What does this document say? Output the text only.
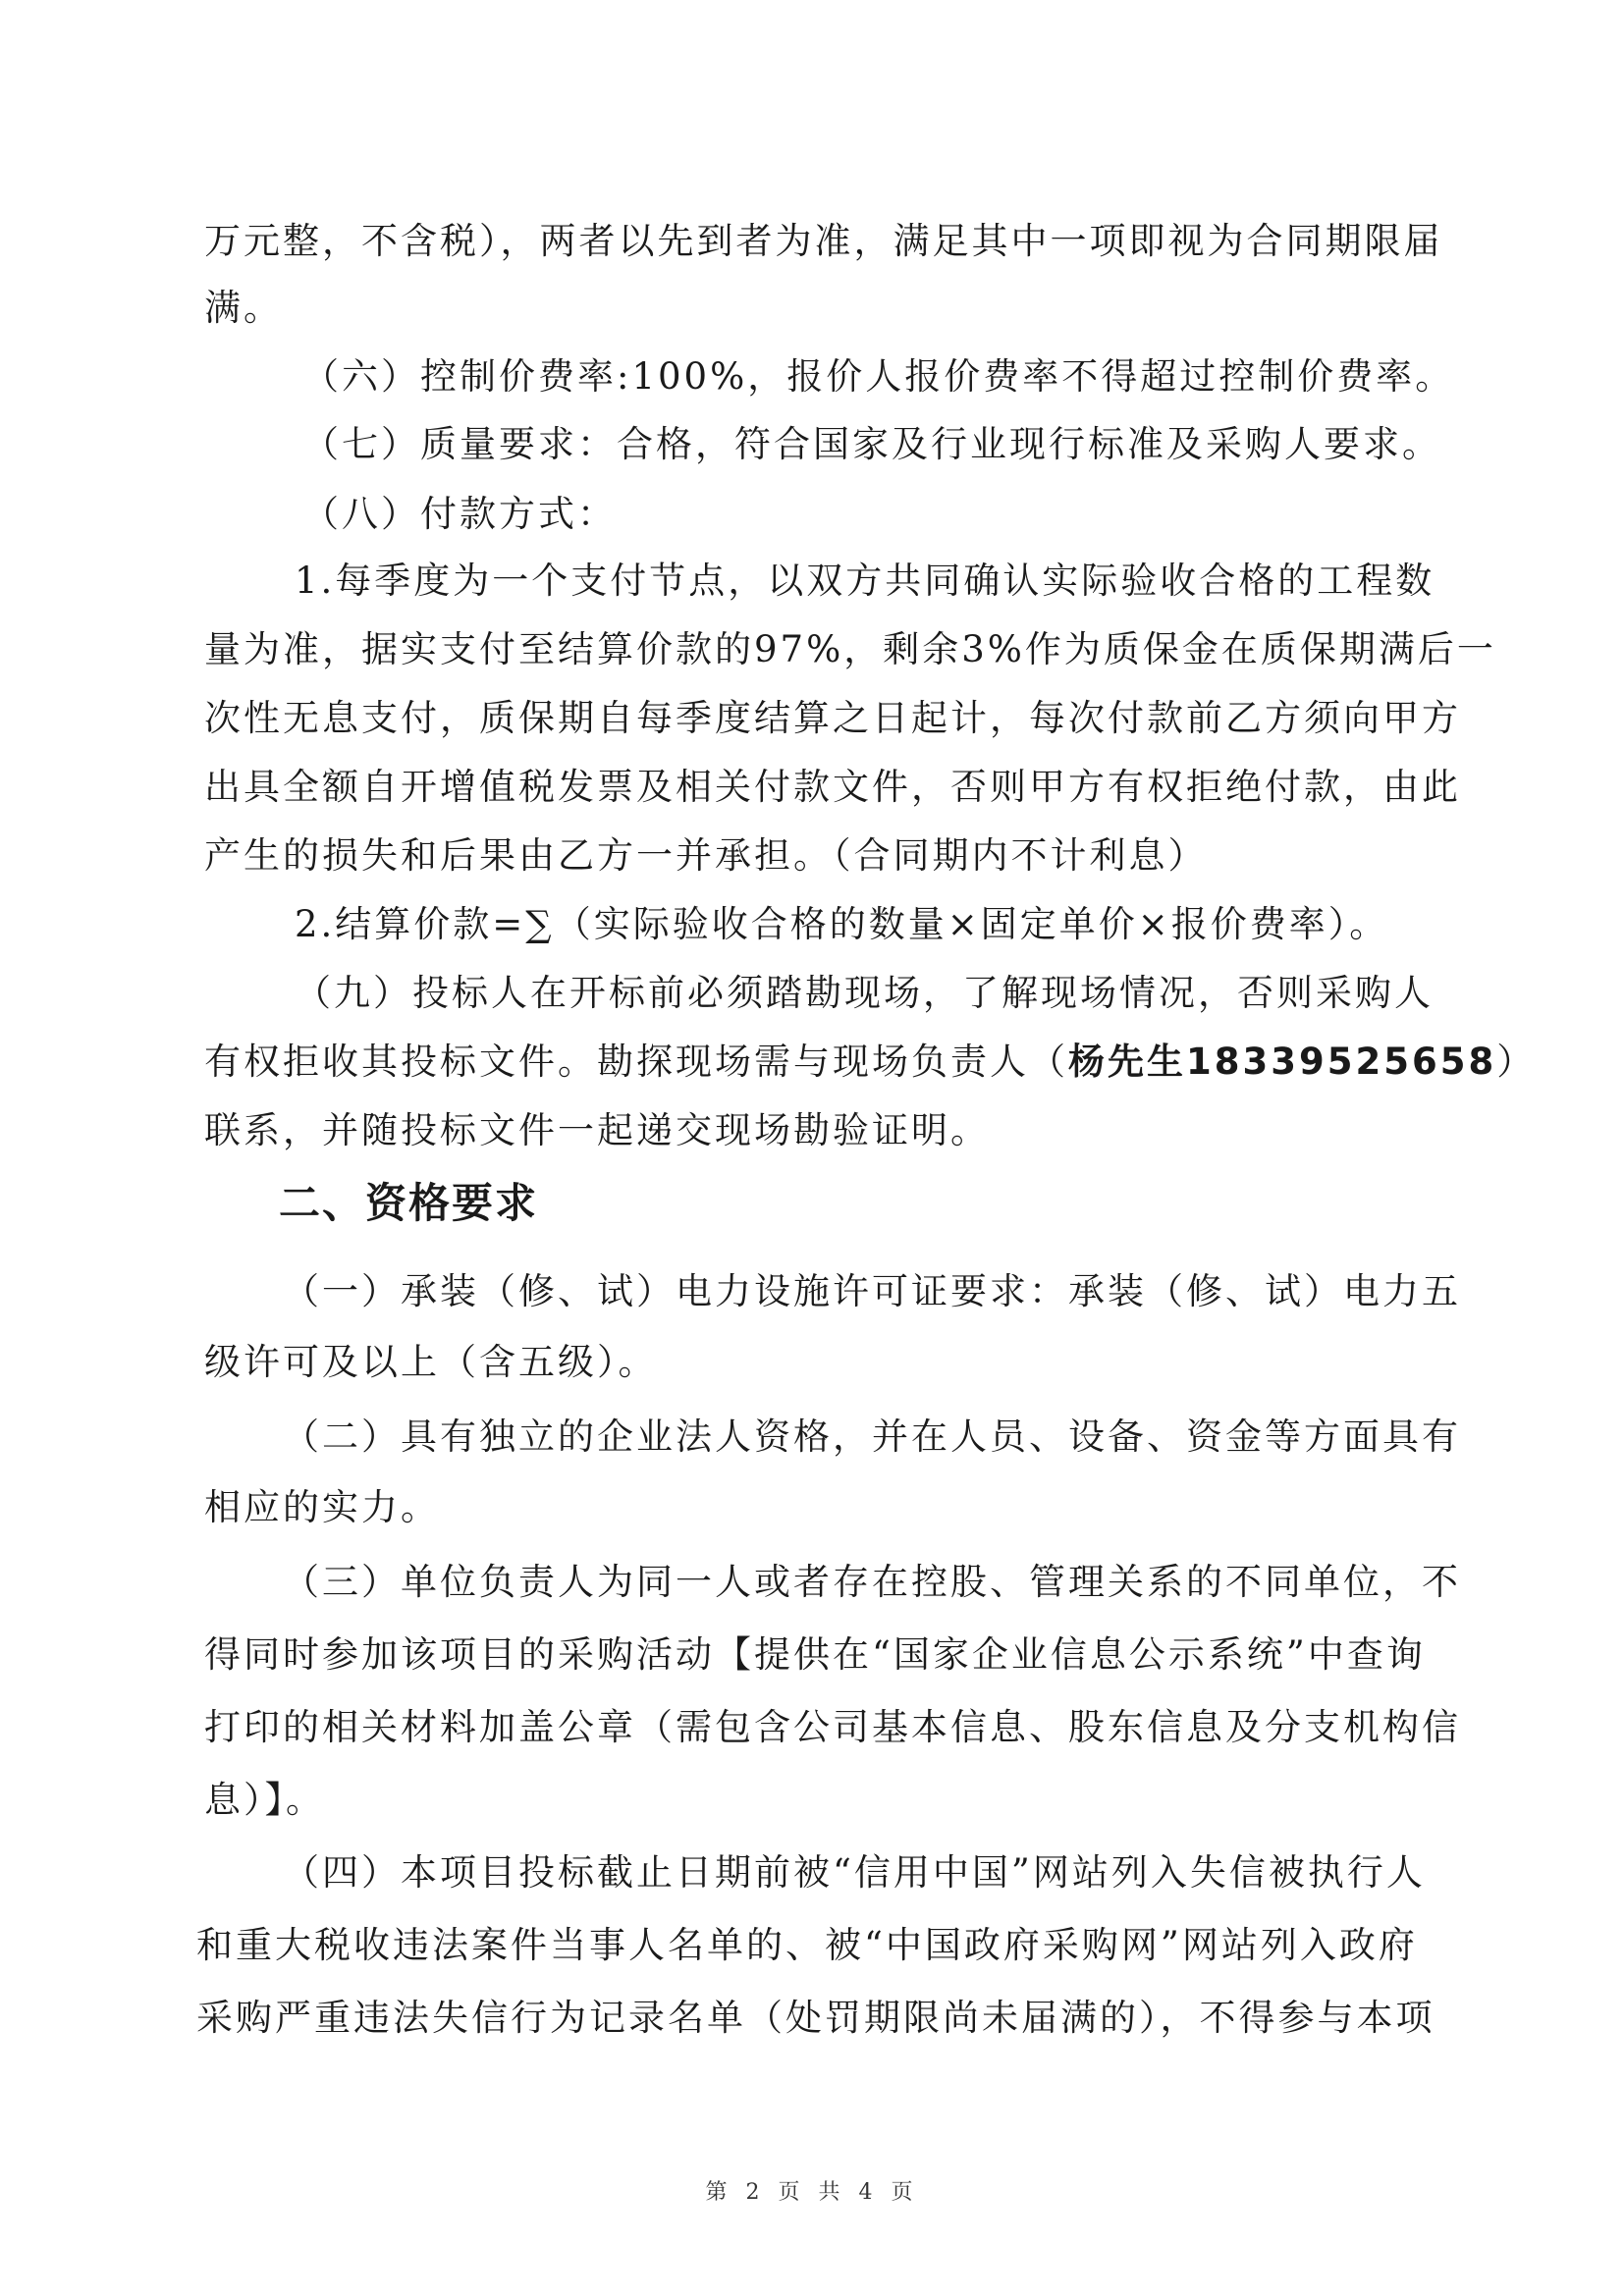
万元整，不含税），两者以先到者为准，满足其中一项即视为合同期限届
满。
（六）控制价费率:100%，报价人报价费率不得超过控制价费率。
（七）质量要求：合格，符合国家及行业现行标准及采购人要求。
（八）付款方式：
1.每季度为一个支付节点，以双方共同确认实际验收合格的工程数
量为准，据实支付至结算价款的97%，剩余3%作为质保金在质保期满后一
次性无息支付，质保期自每季度结算之日起计，每次付款前乙方须向甲方
出具全额自开增值税发票及相关付款文件，否则甲方有权拒绝付款，由此
产生的损失和后果由乙方一并承担。（合同期内不计利息）
2.结算价款=∑（实际验收合格的数量×固定单价×报价费率）。
（九）投标人在开标前必须踏勘现场，了解现场情况，否则采购人
有权拒收其投标文件。勘探现场需与现场负责人（杨先生18339525658）
联系，并随投标文件一起递交现场勘验证明。
二、资格要求
（一）承装（修、试）电力设施许可证要求：承装（修、试）电力五
级许可及以上（含五级）。
（二）具有独立的企业法人资格，并在人员、设备、资金等方面具有
相应的实力。
（三）单位负责人为同一人或者存在控股、管理关系的不同单位，不
得同时参加该项目的采购活动【提供在“国家企业信息公示系统”中查询
打印的相关材料加盖公章（需包含公司基本信息、股东信息及分支机构信
息）】。
（四）本项目投标截止日期前被“信用中国”网站列入失信被执行人
和重大税收违法案件当事人名单的、被“中国政府采购网”网站列入政府
采购严重违法失信行为记录名单（处罚期限尚未届满的），不得参与本项
第 2 页 共 4 页
